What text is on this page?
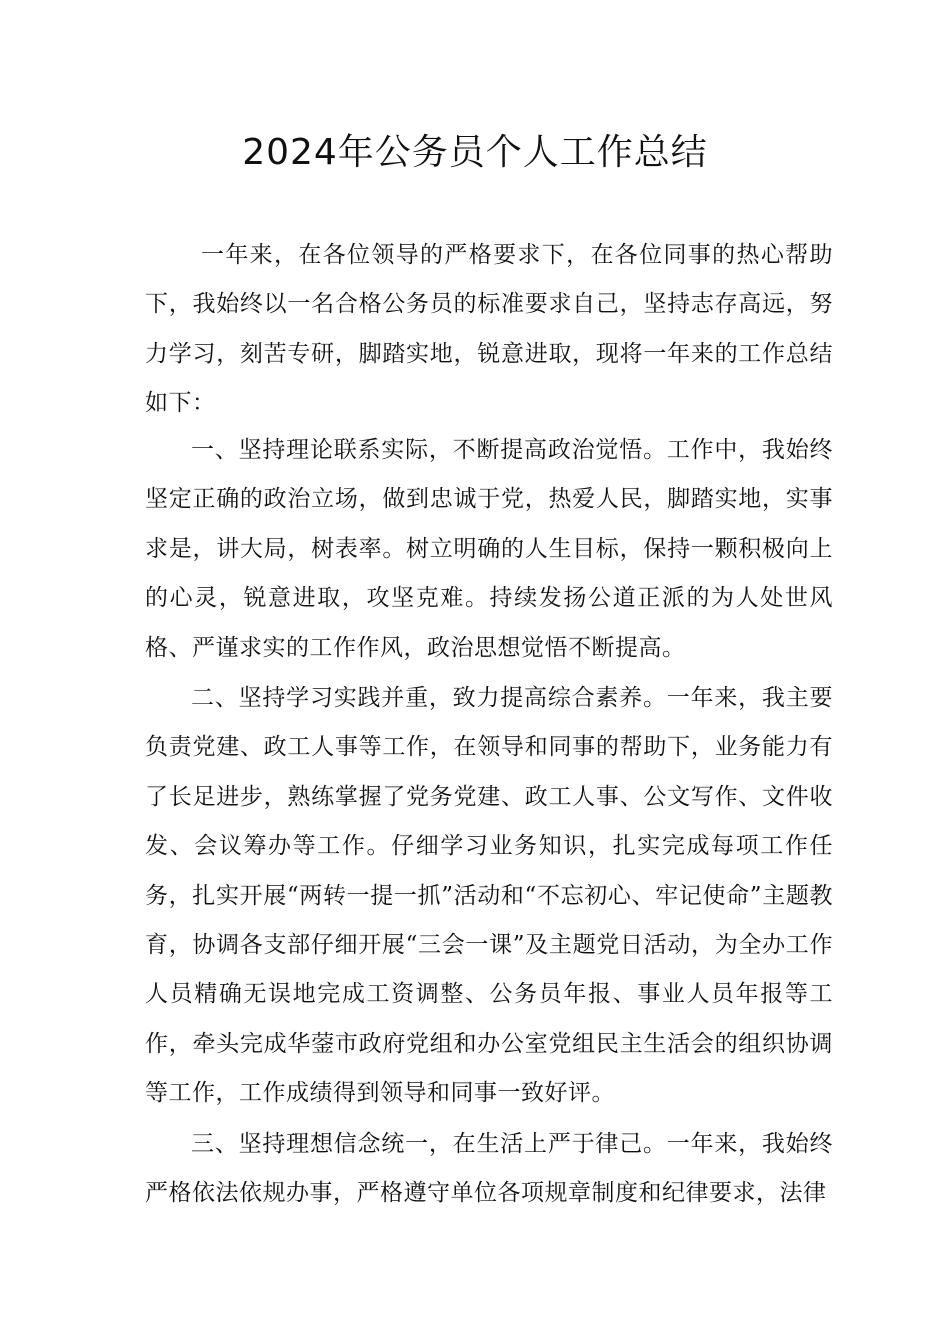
2024年公务员个人工作总结

一年来，在各位领导的严格要求下，在各位同事的热心帮助下，我始终以一名合格公务员的标准要求自己，坚持志存高远，努力学习，刻苦专研，脚踏实地，锐意进取，现将一年来的工作总结如下：

一、坚持理论联系实际，不断提高政治觉悟。工作中，我始终坚定正确的政治立场，做到忠诚于党，热爱人民，脚踏实地，实事求是，讲大局，树表率。树立明确的人生目标，保持一颗积极向上的心灵，锐意进取，攻坚克难。持续发扬公道正派的为人处世风格、严谨求实的工作作风，政治思想觉悟不断提高。

二、坚持学习实践并重，致力提高综合素养。一年来，我主要负责党建、政工人事等工作，在领导和同事的帮助下，业务能力有了长足进步，熟练掌握了党务党建、政工人事、公文写作、文件收发、会议筹办等工作。仔细学习业务知识，扎实完成每项工作任务，扎实开展“两转一提一抓”活动和“不忘初心、牢记使命”主题教育，协调各支部仔细开展“三会一课”及主题党日活动，为全办工作人员精确无误地完成工资调整、公务员年报、事业人员年报等工作，牵头完成华蓥市政府党组和办公室党组民主生活会的组织协调等工作，工作成绩得到领导和同事一致好评。

三、坚持理想信念统一，在生活上严于律己。一年来，我始终严格依法依规办事，严格遵守单位各项规章制度和纪律要求，法律
